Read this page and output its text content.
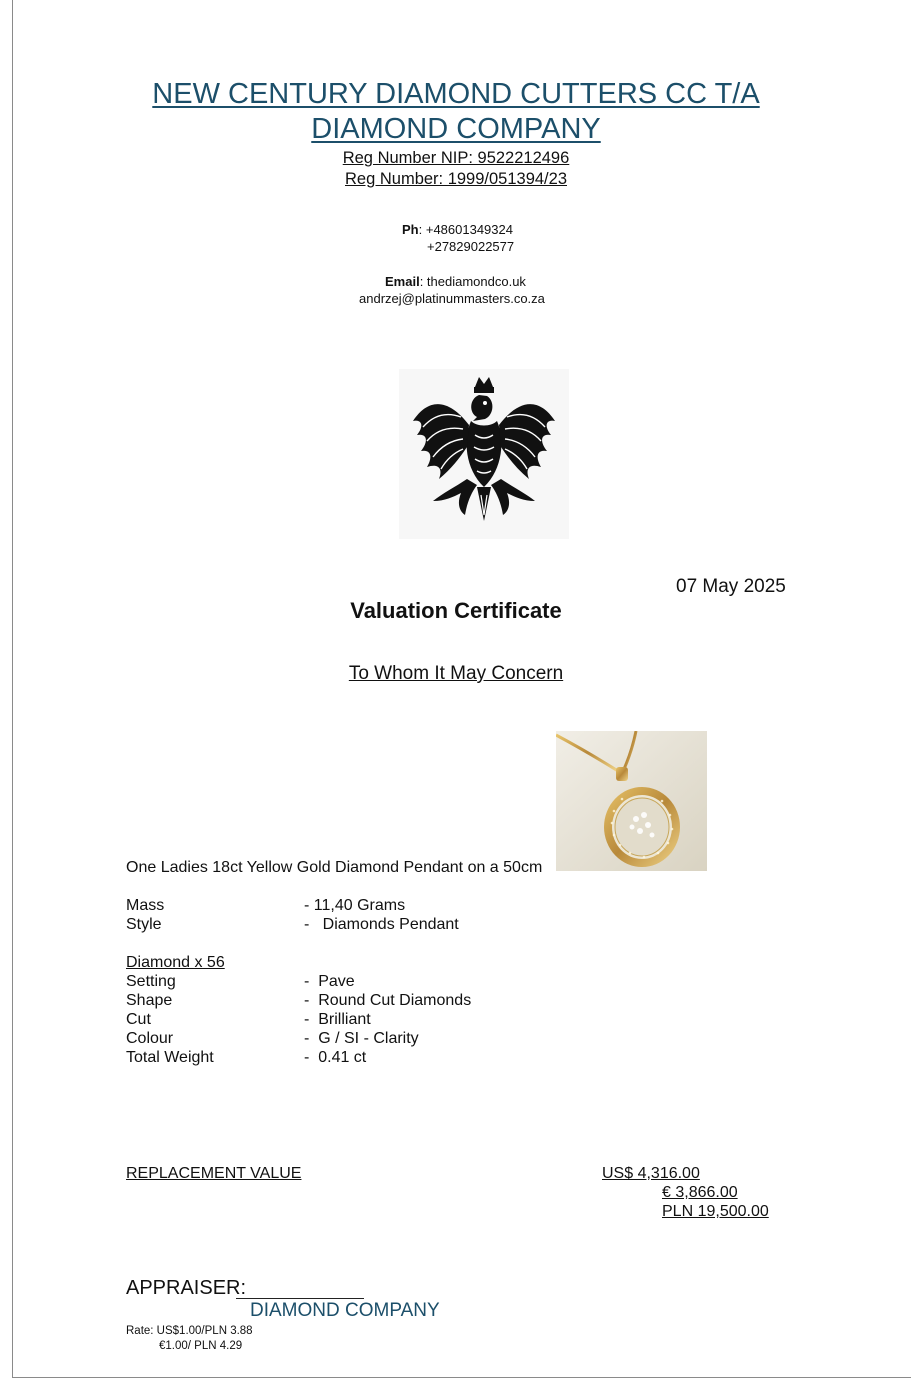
NEW CENTURY DIAMOND CUTTERS CC T/A
DIAMOND COMPANY
Reg Number NIP: 9522212496
Reg Number: 1999/051394/23
Ph: +48601349324
+27829022577
Email: thediamondco.uk
andrzej@platinummasters.co.za
07 May 2025
Valuation Certificate
To Whom It May Concern
One Ladies 18ct Yellow Gold Diamond Pendant on a 50cm
Mass	- 11,40 Grams
Style	-   Diamonds Pendant
Diamond x 56
Setting	-  Pave
Shape	-  Round Cut Diamonds
Cut	-  Brilliant
Colour	-  G / SI - Clarity
Total Weight	-  0.41 ct
REPLACEMENT VALUE	US$ 4,316.00
€ 3,866.00
PLN 19,500.00
APPRAISER:
DIAMOND COMPANY
Rate: US$1.00/PLN 3.88
€1.00/ PLN 4.29
